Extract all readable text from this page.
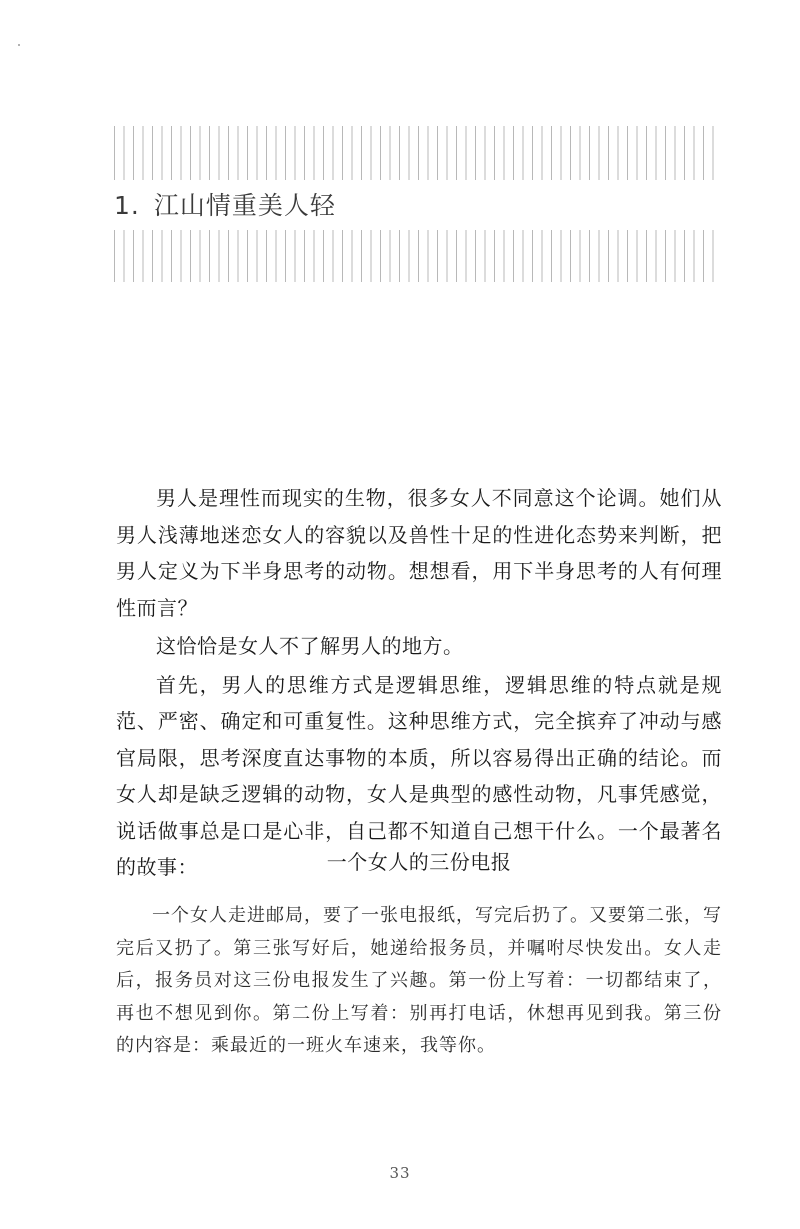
1. 江山情重美人轻

男人是理性而现实的生物，很多女人不同意这个论调。她们从男人浅薄地迷恋女人的容貌以及兽性十足的性进化态势来判断，把男人定义为下半身思考的动物。想想看，用下半身思考的人有何理性而言？

这恰恰是女人不了解男人的地方。

首先，男人的思维方式是逻辑思维，逻辑思维的特点就是规范、严密、确定和可重复性。这种思维方式，完全摈弃了冲动与感官局限，思考深度直达事物的本质，所以容易得出正确的结论。而女人却是缺乏逻辑的动物，女人是典型的感性动物，凡事凭感觉，说话做事总是口是心非，自己都不知道自己想干什么。一个最著名的故事：	一个女人的三份电报

一个女人走进邮局，要了一张电报纸，写完后扔了。又要第二张，写完后又扔了。第三张写好后，她递给报务员，并嘱咐尽快发出。女人走后，报务员对这三份电报发生了兴趣。第一份上写着：一切都结束了，再也不想见到你。第二份上写着：别再打电话，休想再见到我。第三份的内容是：乘最近的一班火车速来，我等你。

33
